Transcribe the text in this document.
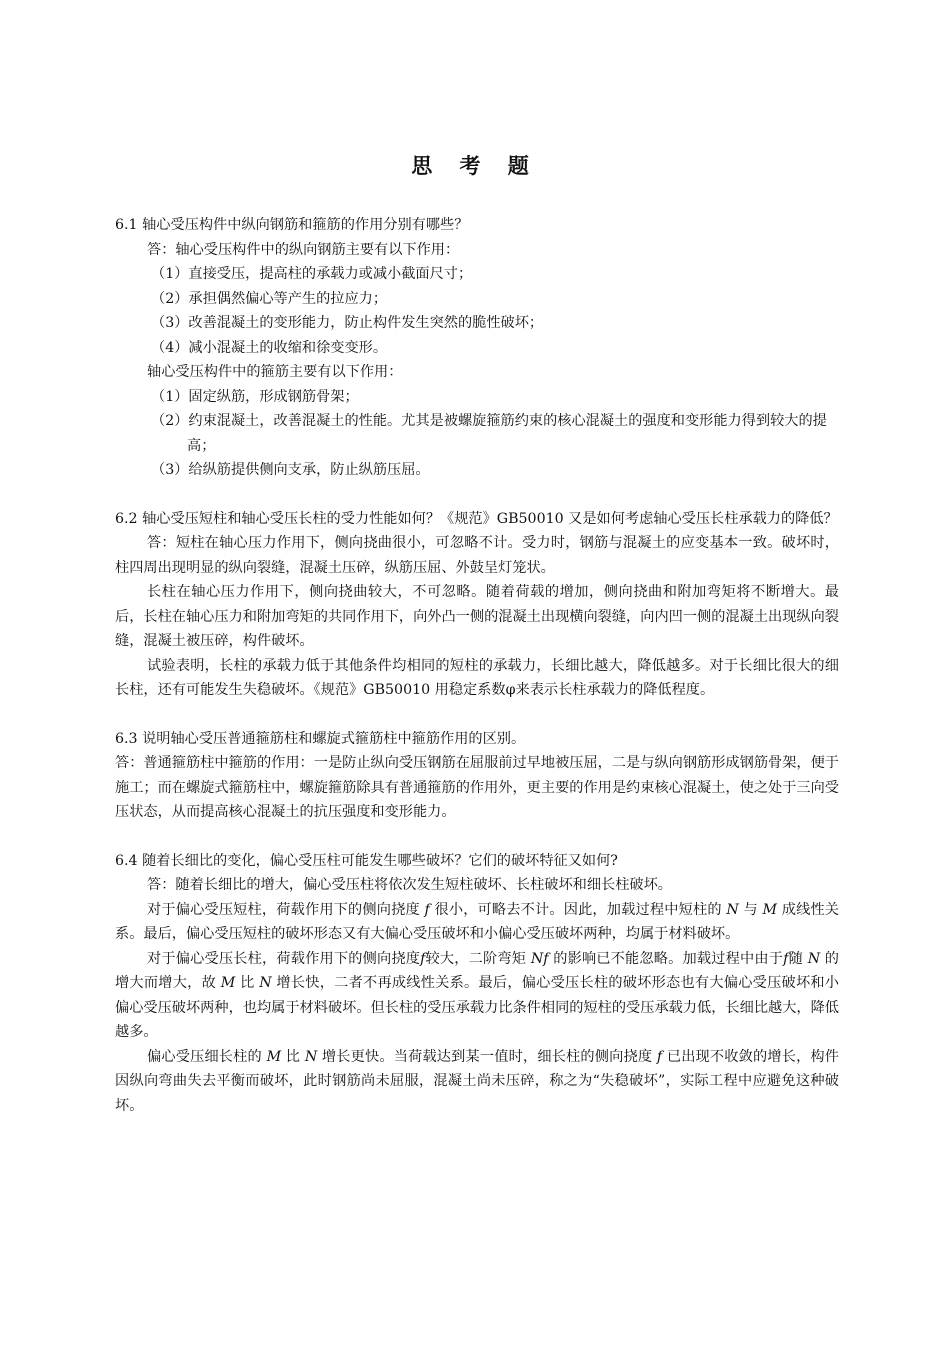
思 考 题

6.1 轴心受压构件中纵向钢筋和箍筋的作用分别有哪些？

答：轴心受压构件中的纵向钢筋主要有以下作用：

（1）直接受压，提高柱的承载力或减小截面尺寸；

（2）承担偶然偏心等产生的拉应力；

（3）改善混凝土的变形能力，防止构件发生突然的脆性破坏；

（4）减小混凝土的收缩和徐变变形。

轴心受压构件中的箍筋主要有以下作用：

（1）固定纵筋，形成钢筋骨架；

（2）约束混凝土，改善混凝土的性能。尤其是被螺旋箍筋约束的核心混凝土的强度和变形能力得到较大的提高；

（3）给纵筋提供侧向支承，防止纵筋压屈。

6.2 轴心受压短柱和轴心受压长柱的受力性能如何？《规范》GB50010 又是如何考虑轴心受压长柱承载力的降低？

答：短柱在轴心压力作用下，侧向挠曲很小，可忽略不计。受力时，钢筋与混凝土的应变基本一致。破坏时，柱四周出现明显的纵向裂缝，混凝土压碎，纵筋压屈、外鼓呈灯笼状。

长柱在轴心压力作用下，侧向挠曲较大，不可忽略。随着荷载的增加，侧向挠曲和附加弯矩将不断增大。最后，长柱在轴心压力和附加弯矩的共同作用下，向外凸一侧的混凝土出现横向裂缝，向内凹一侧的混凝土出现纵向裂缝，混凝土被压碎，构件破坏。

试验表明，长柱的承载力低于其他条件均相同的短柱的承载力，长细比越大，降低越多。对于长细比很大的细长柱，还有可能发生失稳破坏。《规范》GB50010 用稳定系数φ来表示长柱承载力的降低程度。

6.3 说明轴心受压普通箍筋柱和螺旋式箍筋柱中箍筋作用的区别。

答：普通箍筋柱中箍筋的作用：一是防止纵向受压钢筋在屈服前过早地被压屈，二是与纵向钢筋形成钢筋骨架，便于施工；而在螺旋式箍筋柱中，螺旋箍筋除具有普通箍筋的作用外，更主要的作用是约束核心混凝土，使之处于三向受压状态，从而提高核心混凝土的抗压强度和变形能力。

6.4 随着长细比的变化，偏心受压柱可能发生哪些破坏？它们的破坏特征又如何?

答：随着长细比的增大，偏心受压柱将依次发生短柱破坏、长柱破坏和细长柱破坏。

对于偏心受压短柱，荷载作用下的侧向挠度 f 很小，可略去不计。因此，加载过程中短柱的 N 与 M 成线性关系。最后，偏心受压短柱的破坏形态又有大偏心受压破坏和小偏心受压破坏两种，均属于材料破坏。

对于偏心受压长柱，荷载作用下的侧向挠度f较大，二阶弯矩 Nf 的影响已不能忽略。加载过程中由于f随 N 的增大而增大，故 M 比 N 增长快，二者不再成线性关系。最后，偏心受压长柱的破坏形态也有大偏心受压破坏和小偏心受压破坏两种，也均属于材料破坏。但长柱的受压承载力比条件相同的短柱的受压承载力低，长细比越大，降低越多。

偏心受压细长柱的 M 比 N 增长更快。当荷载达到某一值时，细长柱的侧向挠度 f 已出现不收敛的增长，构件因纵向弯曲失去平衡而破坏，此时钢筋尚未屈服，混凝土尚未压碎，称之为“失稳破坏”，实际工程中应避免这种破坏。
